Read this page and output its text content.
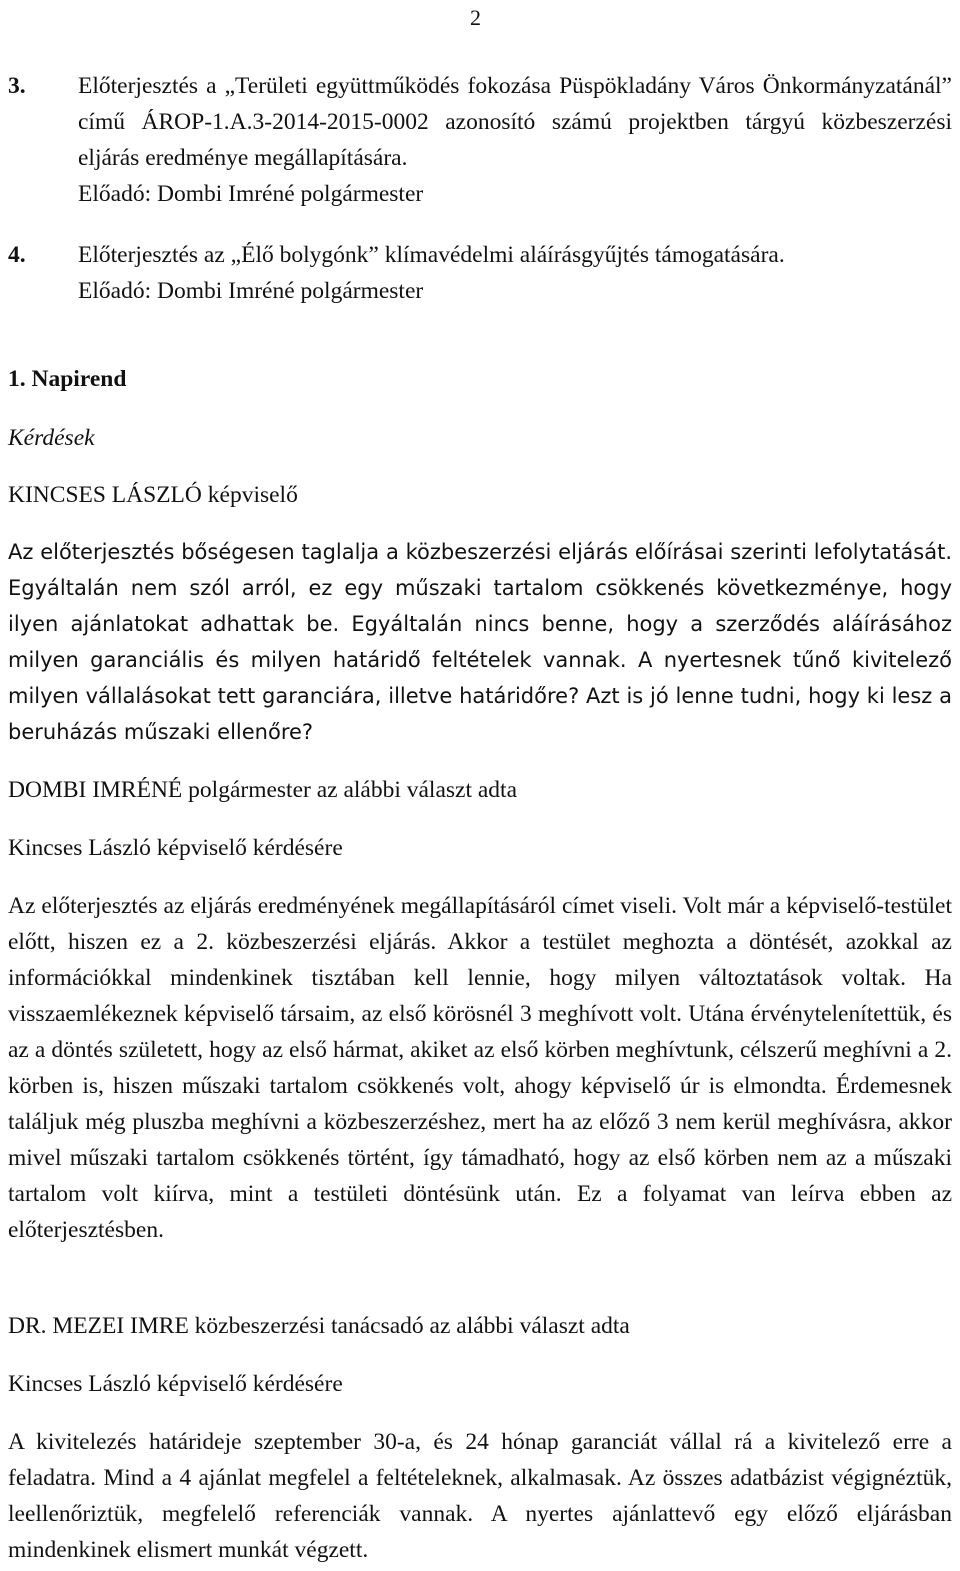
2
3. Előterjesztés a „Területi együttműködés fokozása Püspökladány Város Önkormányzatánál” című ÁROP-1.A.3-2014-2015-0002 azonosító számú projektben tárgyú közbeszerzési eljárás eredménye megállapítására.

Előadó: Dombi Imréné polgármester

4. Előterjesztés az „Élő bolygónk” klímavédelmi aláírásgyűjtés támogatására.

Előadó: Dombi Imréné polgármester

1. Napirend
Kérdések
KINCSES LÁSZLÓ képviselő
Az előterjesztés bőségesen taglalja a közbeszerzési eljárás előírásai szerinti lefolytatását. Egyáltalán nem szól arról, ez egy műszaki tartalom csökkenés következménye, hogy ilyen ajánlatokat adhattak be. Egyáltalán nincs benne, hogy a szerződés aláírásához milyen garanciális és milyen határidő feltételek vannak. A nyertesnek tűnő kivitelező milyen vállalásokat tett garanciára, illetve határidőre? Azt is jó lenne tudni, hogy ki lesz a beruházás műszaki ellenőre?
DOMBI IMRÉNÉ polgármester az alábbi választ adta
Kincses László képviselő kérdésére
Az előterjesztés az eljárás eredményének megállapításáról címet viseli. Volt már a képviselő-testület előtt, hiszen ez a 2. közbeszerzési eljárás. Akkor a testület meghozta a döntését, azokkal az információkkal mindenkinek tisztában kell lennie, hogy milyen változtatások voltak. Ha visszaemlékeznek képviselő társaim, az első körösnél 3 meghívott volt. Utána érvénytelenítettük, és az a döntés született, hogy az első hármat, akiket az első körben meghívtunk, célszerű meghívni a 2. körben is, hiszen műszaki tartalom csökkenés volt, ahogy képviselő úr is elmondta. Érdemesnek találjuk még pluszba meghívni a közbeszerzéshez, mert ha az előző 3 nem kerül meghívásra, akkor mivel műszaki tartalom csökkenés történt, így támadható, hogy az első körben nem az a műszaki tartalom volt kiírva, mint a testületi döntésünk után. Ez a folyamat van leírva ebben az előterjesztésben.
DR. MEZEI IMRE közbeszerzési tanácsadó az alábbi választ adta
Kincses László képviselő kérdésére
A kivitelezés határideje szeptember 30-a, és 24 hónap garanciát vállal rá a kivitelező erre a feladatra. Mind a 4 ajánlat megfelel a feltételeknek, alkalmasak. Az összes adatbázist végignéztük, leellenőriztük, megfelelő referenciák vannak. A nyertes ajánlattevő egy előző eljárásban mindenkinek elismert munkát végzett.
